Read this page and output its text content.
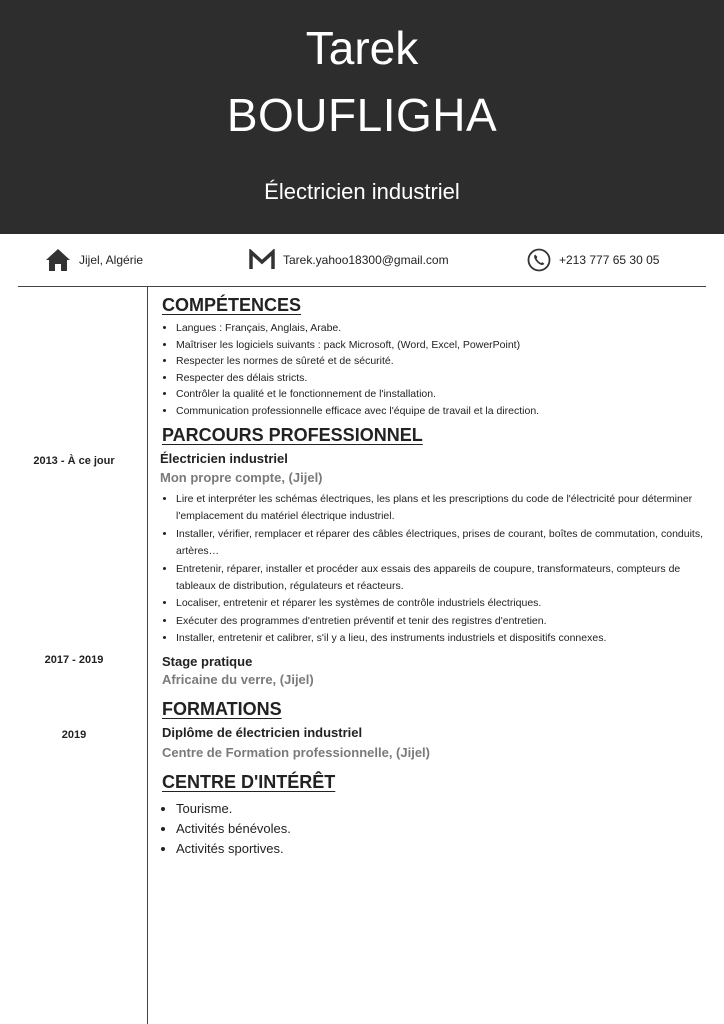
Tarek
BOUFLIGHA
Électricien industriel
Jijel, Algérie	Tarek.yahoo18300@gmail.com	+213 777 65 30 05
COMPÉTENCES
• Langues : Français, Anglais, Arabe.
• Maîtriser les logiciels suivants : pack Microsoft, (Word, Excel, PowerPoint)
• Respecter les normes de sûreté et de sécurité.
• Respecter des délais stricts.
• Contrôler la qualité et le fonctionnement de l'installation.
• Communication professionnelle efficace avec l'équipe de travail et la direction.
PARCOURS PROFESSIONNEL
2013 - À ce jour	Électricien industriel
Mon propre compte, (Jijel)
• Lire et interpréter les schémas électriques, les plans et les prescriptions du code de l'électricité pour déterminer l'emplacement du matériel électrique industriel.
• Installer, vérifier, remplacer et réparer des câbles électriques, prises de courant, boîtes de commutation, conduits, artères…
• Entretenir, réparer, installer et procéder aux essais des appareils de coupure, transformateurs, compteurs de tableaux de distribution, régulateurs et réacteurs.
• Localiser, entretenir et réparer les systèmes de contrôle industriels électriques.
• Exécuter des programmes d'entretien préventif et tenir des registres d'entretien.
• Installer, entretenir et calibrer, s'il y a lieu, des instruments industriels et dispositifs connexes.
2017 - 2019	Stage pratique
Africaine du verre, (Jijel)
FORMATIONS
2019	Diplôme de électricien industriel
Centre de Formation professionnelle, (Jijel)
CENTRE D'INTÉRÊT
• Tourisme.
• Activités bénévoles.
• Activités sportives.
